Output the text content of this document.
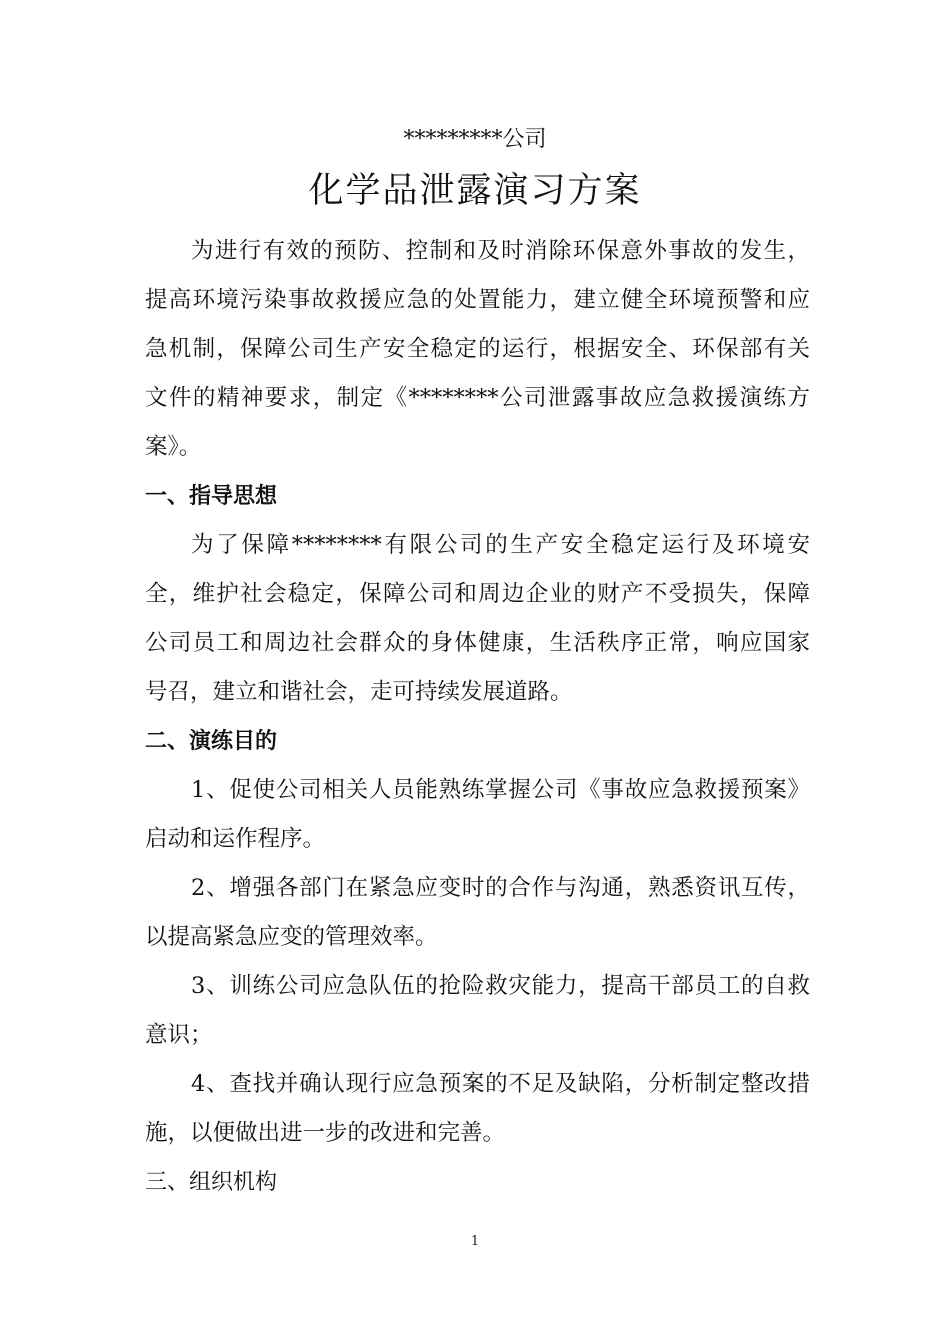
*********公司
化学品泄露演习方案
为进行有效的预防、控制和及时消除环保意外事故的发生，
提高环境污染事故救援应急的处置能力，建立健全环境预警和应
急机制，保障公司生产安全稳定的运行，根据安全、环保部有关
文件的精神要求，制定《********公司泄露事故应急救援演练方
案》。
一、指导思想
为了保障********有限公司的生产安全稳定运行及环境安
全，维护社会稳定，保障公司和周边企业的财产不受损失，保障
公司员工和周边社会群众的身体健康，生活秩序正常，响应国家
号召，建立和谐社会，走可持续发展道路。
二、演练目的
1、促使公司相关人员能熟练掌握公司《事故应急救援预案》
启动和运作程序。
2、增强各部门在紧急应变时的合作与沟通，熟悉资讯互传，
以提高紧急应变的管理效率。
3、训练公司应急队伍的抢险救灾能力，提高干部员工的自救
意识；
4、查找并确认现行应急预案的不足及缺陷，分析制定整改措
施，以便做出进一步的改进和完善。
三、组织机构
1
